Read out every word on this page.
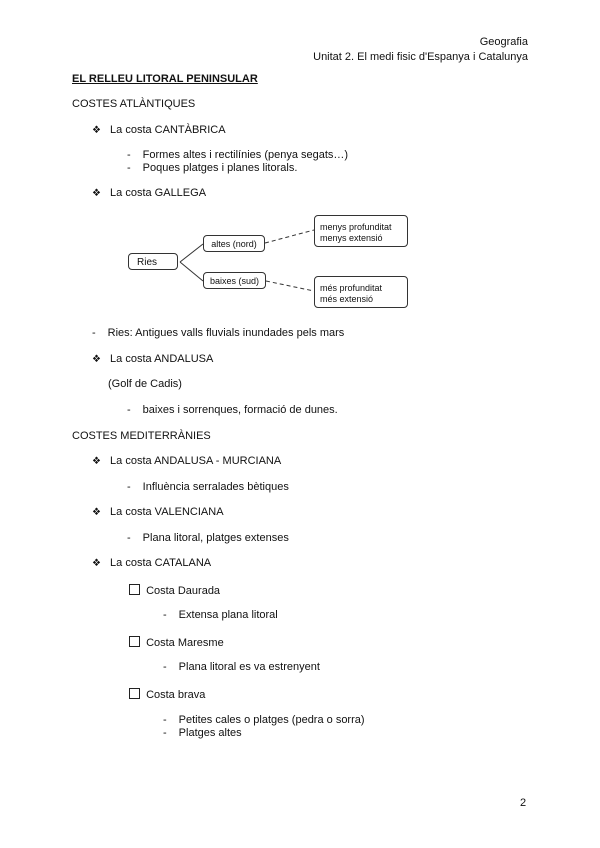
Geografia
Unitat 2. El medi fisic d'Espanya i Catalunya
EL RELLEU LITORAL PENINSULAR
COSTES ATLÀNTIQUES
❖ La costa CANTÀBRICA
- Formes altes i rectilínies (penya segats…)
- Poques platges i planes litorals.
❖ La costa GALLEGA
Ries
altes (nord)
baixes (sud)
menys profunditat
menys extensió
més profunditat
més extensió
- Ries: Antigues valls fluvials inundades pels mars
❖ La costa ANDALUSA
(Golf de Cadis)
- baixes i sorrenques, formació de dunes.
COSTES MEDITERRÀNIES
❖ La costa ANDALUSA - MURCIANA
- Influència serralades bètiques
❖ La costa VALENCIANA
- Plana litoral, platges extenses
❖ La costa CATALANA
Costa Daurada
- Extensa plana litoral
Costa Maresme
- Plana litoral es va estrenyent
Costa brava
- Petites cales o platges (pedra o sorra)
- Platges altes
2
